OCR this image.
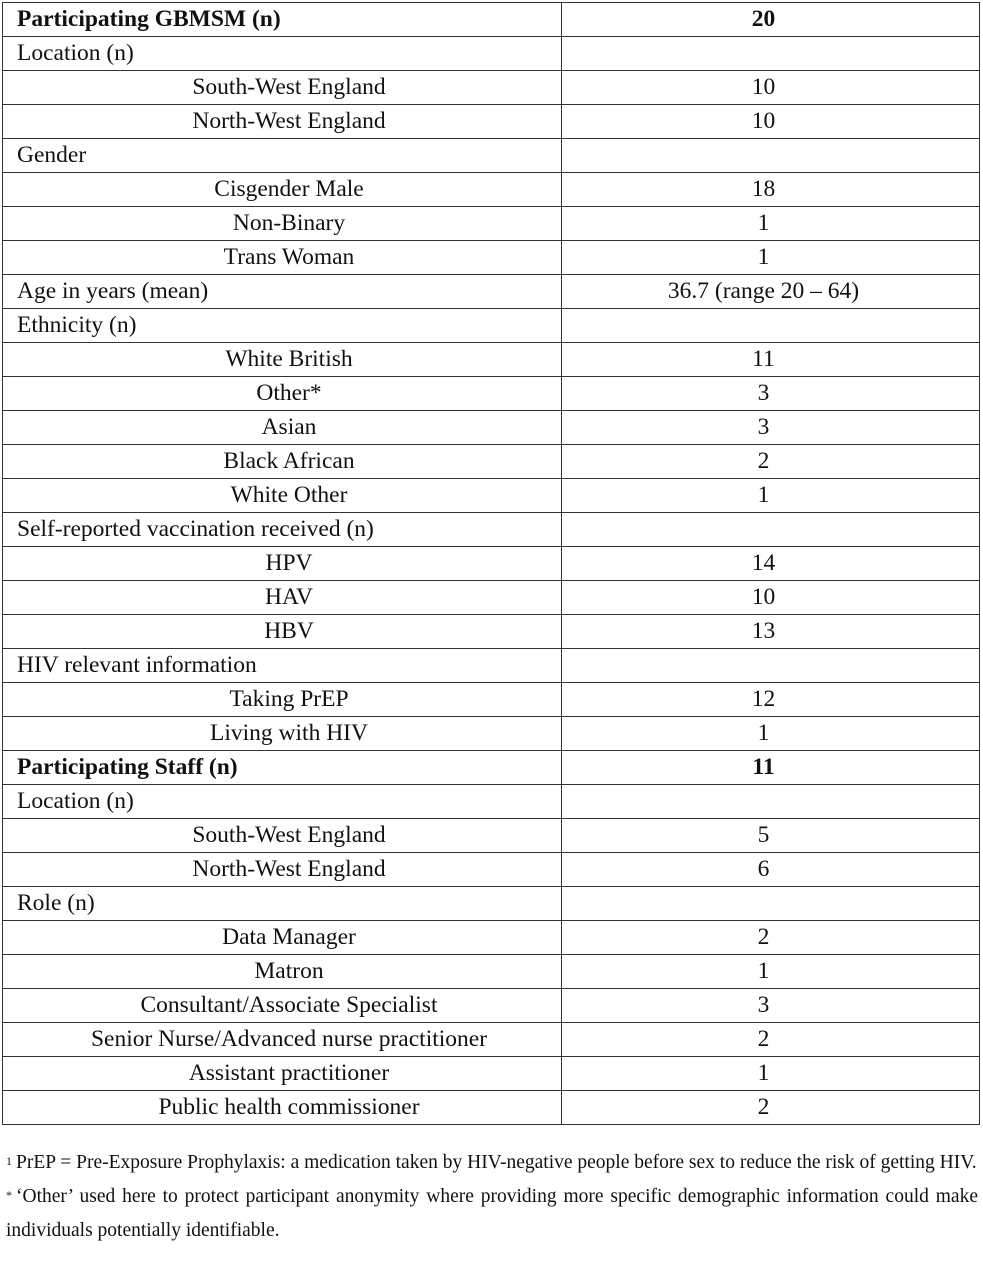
Participating GBMSM (n)	20
Location (n)	
South-West England	10
North-West England	10
Gender	
Cisgender Male	18
Non-Binary	1
Trans Woman	1
Age in years (mean)	36.7 (range 20 – 64)
Ethnicity (n)	
White British	11
Other*	3
Asian	3
Black African	2
White Other	1
Self-reported vaccination received (n)	
HPV	14
HAV	10
HBV	13
HIV relevant information	
Taking PrEP	12
Living with HIV	1
Participating Staff (n)	11
Location (n)	
South-West England	5
North-West England	6
Role (n)	
Data Manager	2
Matron	1
Consultant/Associate Specialist	3
Senior Nurse/Advanced nurse practitioner	2
Assistant practitioner	1
Public health commissioner	2

$^1$ PrEP = Pre-Exposure Prophylaxis: a medication taken by HIV-negative people before sex to reduce the risk of getting HIV.

* ‘Other’ used here to protect participant anonymity where providing more specific demographic information could make individuals potentially identifiable.
